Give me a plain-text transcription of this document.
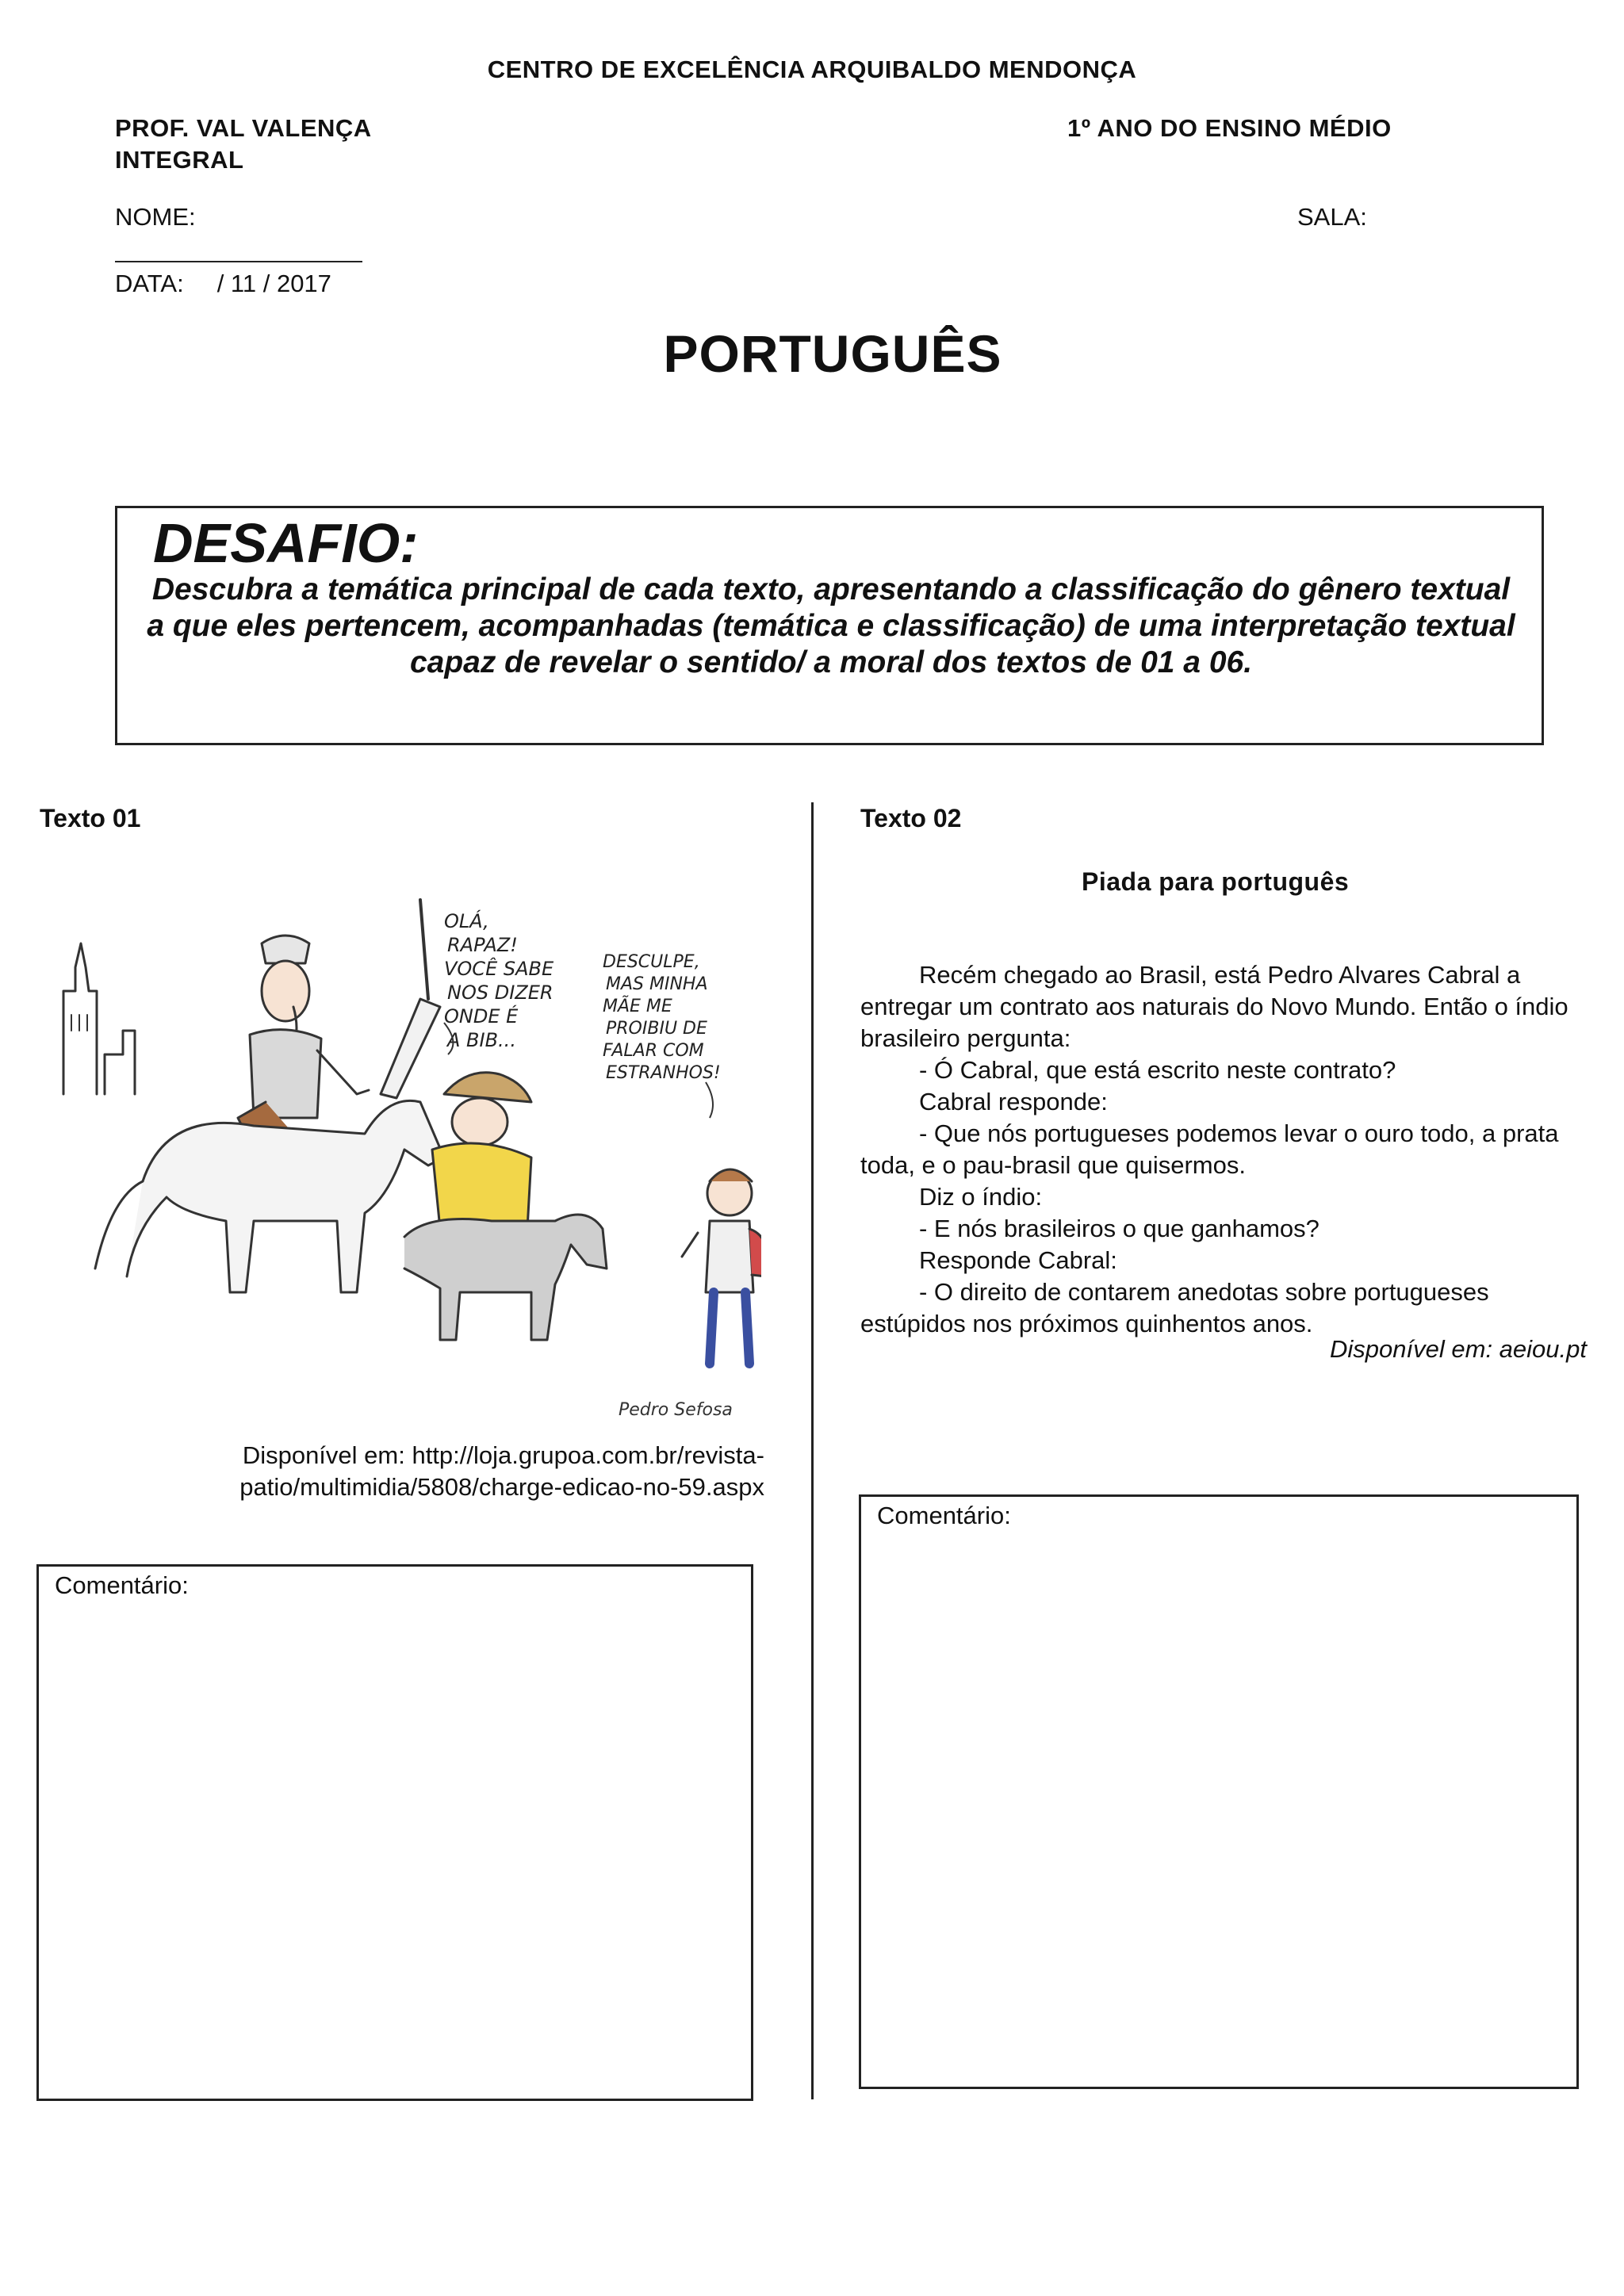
CENTRO DE EXCELÊNCIA ARQUIBALDO MENDONÇA
PROF. VAL VALENÇA
INTEGRAL
1º ANO DO ENSINO MÉDIO
NOME:	SALA:
DATA: / 11 / 2017
PORTUGUÊS
DESAFIO:
Descubra a temática principal de cada texto, apresentando a classificação do gênero textual a que eles pertencem, acompanhadas (temática e classificação) de uma interpretação textual capaz de revelar o sentido/ a moral dos textos de 01 a 06.
Texto 01	Texto 02
Piada para português
OLÁ,
RAPAZ!
VOCÊ SABE
NOS DIZER
ONDE É
A BIB...
DESCULPE,
MAS MINHA
MÃE ME
PROIBIU DE
FALAR COM
ESTRANHOS!
Pedro Sefosa
Disponível em: http://loja.grupoa.com.br/revista-
patio/multimidia/5808/charge-edicao-no-59.aspx

Recém chegado ao Brasil, está Pedro Alvares Cabral a entregar um contrato aos naturais do Novo Mundo. Então o índio brasileiro pergunta:

- Ó Cabral, que está escrito neste contrato?

Cabral responde:

- Que nós portugueses podemos levar o ouro todo, a prata toda, e o pau-brasil que quisermos.

Diz o índio:

- E nós brasileiros o que ganhamos?

Responde Cabral:

- O direito de contarem anedotas sobre portugueses estúpidos nos próximos quinhentos anos.

Disponível em: aeiou.pt
Comentário:
Comentário:
